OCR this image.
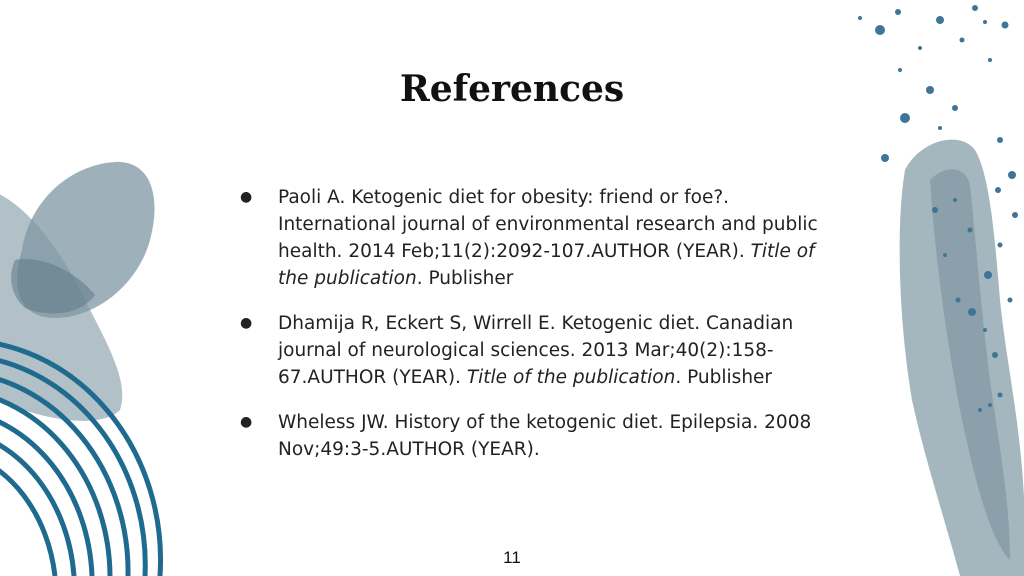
References
● Paoli A. Ketogenic diet for obesity: friend or foe?. International journal of environmental research and public health. 2014 Feb;11(2):2092-107.AUTHOR (YEAR). Title of the publication. Publisher
● Dhamija R, Eckert S, Wirrell E. Ketogenic diet. Canadian journal of neurological sciences. 2013 Mar;40(2):158-67.AUTHOR (YEAR). Title of the publication. Publisher
● Wheless JW. History of the ketogenic diet. Epilepsia. 2008 Nov;49:3-5.AUTHOR (YEAR).
11
